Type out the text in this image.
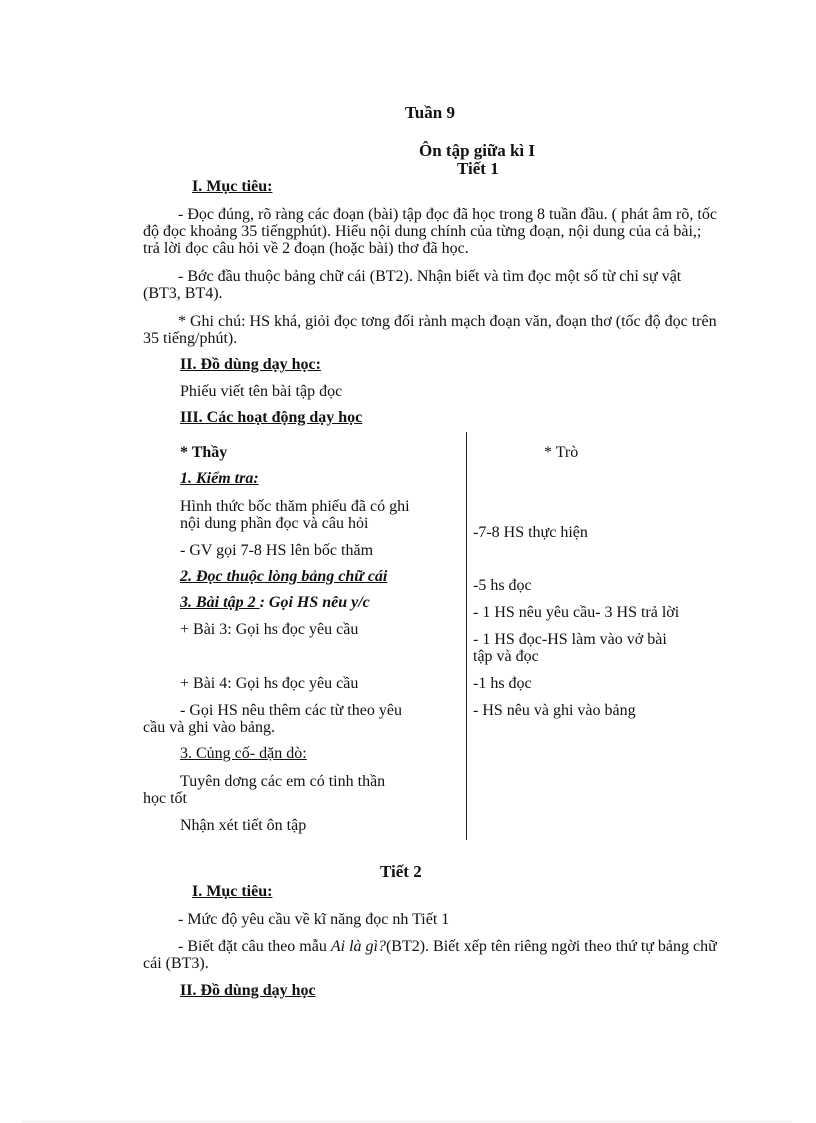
Tuần 9
Ôn tập giữa kì I
Tiết 1
I. Mục tiêu:
- Đọc đúng, rõ ràng các đoạn (bài) tập đọc đã học trong 8 tuần đầu. ( phát âm rõ, tốc
độ đọc khoảng 35 tiếngphút). Hiểu nội dung chính của từng đoạn, nội dung của cả bài,;
trả lời đọc câu hỏi về 2 đoạn (hoặc bài) thơ đã học.
- Bớc đầu thuộc bảng chữ cái (BT2). Nhận biết và tìm đọc một số từ chỉ sự vật
(BT3, BT4).
* Ghi chú: HS khá, giỏi đọc tơng đối rành mạch đoạn văn, đoạn thơ (tốc độ đọc trên
35 tiếng/phút).
II. Đồ dùng dạy học:
Phiếu viết tên bài tập đọc
III. Các hoạt động dạy học
* Thầy
1. Kiểm tra:
Hình thức bốc thăm phiếu đã có ghi
nội dung phần đọc và câu hỏi
- GV gọi 7-8 HS lên bốc thăm
2. Đọc thuộc lòng bảng chữ cái
3. Bài tập 2 : Gọi HS nêu y/c
+ Bài 3: Gọi hs đọc yêu cầu
+ Bài 4: Gọi hs đọc yêu cầu
- Gọi HS nêu thêm các từ theo yêu
cầu và ghi vào bảng.
3. Củng cố- dặn dò:
Tuyên dơng các em có tinh thần
học tốt
Nhận xét tiết ôn tập
* Trò
-7-8 HS thực hiện
-5 hs đọc
- 1 HS nêu yêu cầu- 3 HS trả lời
- 1 HS đọc-HS làm vào vở bài
tập và đọc
-1 hs đọc
- HS nêu và ghi vào bảng
Tiết 2
I. Mục tiêu:
- Mức độ yêu cầu về kĩ năng đọc nh Tiết 1
- Biết đặt câu theo mẫu Ai là gì?(BT2). Biết xếp tên riêng ngời theo thứ tự bảng chữ
cái (BT3).
II. Đồ dùng dạy học
